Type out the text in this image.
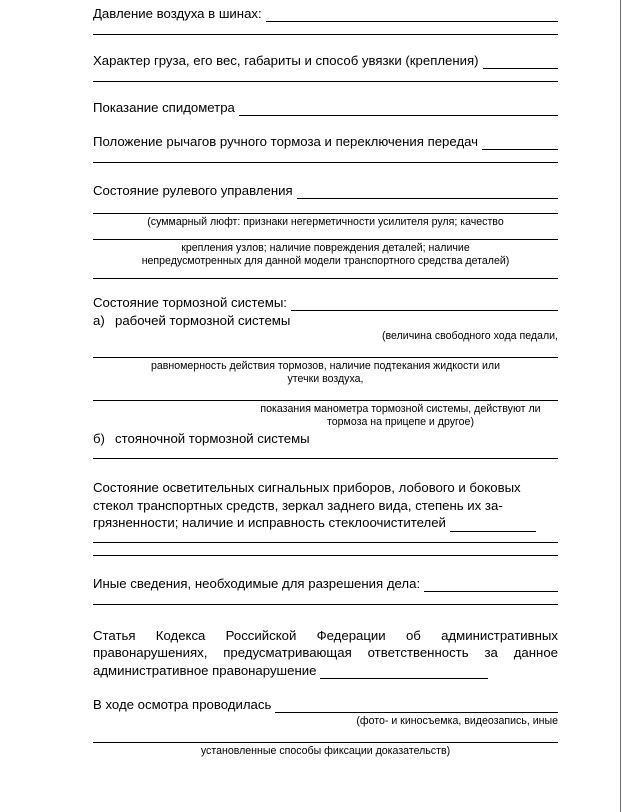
Давление воздуха в шинах:
Характер груза, его вес, габариты и способ увязки (крепления)
Показание спидометра
Положение рычагов ручного тормоза и переключения передач
Состояние рулевого управления
(суммарный люфт: признаки негерметичности усилителя руля; качество
крепления узлов; наличие повреждения деталей; наличие
непредусмотренных для данной модели транспортного средства деталей)
Состояние тормозной системы:
а) рабочей тормозной системы
(величина свободного хода педали,
равномерность действия тормозов, наличие подтекания жидкости или
утечки воздуха,
показания манометра тормозной системы, действуют ли
тормоза на прицепе и другое)
б) стояночной тормозной системы
Состояние осветительных сигнальных приборов, лобового и боковых стекол транспортных средств, зеркал заднего вида, степень их за-грязненности; наличие и исправность стеклоочистителей
Иные сведения, необходимые для разрешения дела:
Статья Кодекса Российской Федерации об административных правонарушениях, предусматривающая ответственность за данное административное правонарушение
В ходе осмотра проводилась
(фото- и киносъемка, видеозапись, иные
установленные способы фиксации доказательств)
